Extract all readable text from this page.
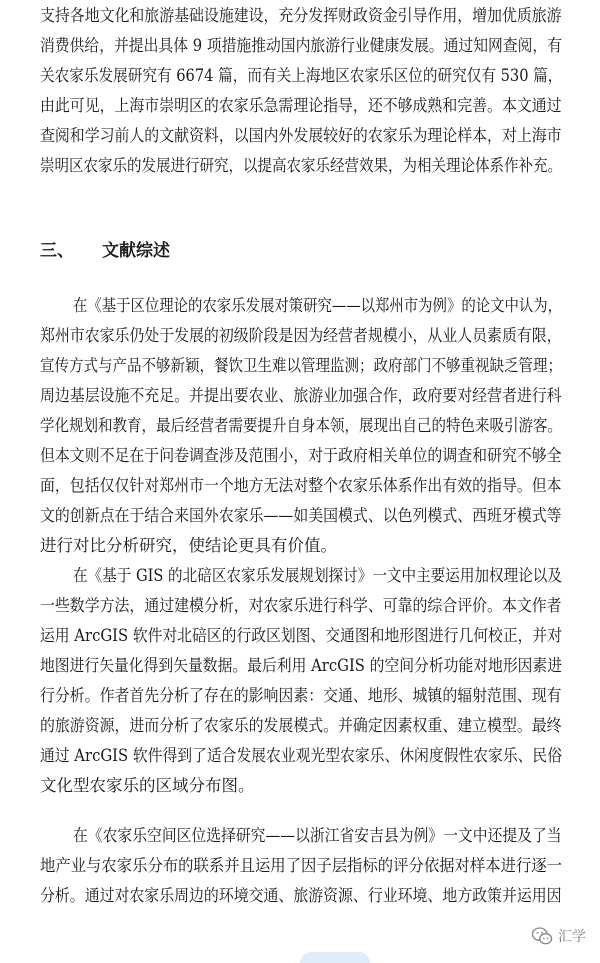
支持各地文化和旅游基础设施建设，充分发挥财政资金引导作用，增加优质旅游
消费供给，并提出具体 9 项措施推动国内旅游行业健康发展。通过知网查阅，有
关农家乐发展研究有 6674 篇，而有关上海地区农家乐区位的研究仅有 530 篇，
由此可见，上海市崇明区的农家乐急需理论指导，还不够成熟和完善。本文通过
查阅和学习前人的文献资料，以国内外发展较好的农家乐为理论样本，对上海市
崇明区农家乐的发展进行研究，以提高农家乐经营效果，为相关理论体系作补充。
三、 文献综述
在《基于区位理论的农家乐发展对策研究——以郑州市为例》的论文中认为，
郑州市农家乐仍处于发展的初级阶段是因为经营者规模小，从业人员素质有限，
宣传方式与产品不够新颖，餐饮卫生难以管理监测；政府部门不够重视缺乏管理；
周边基层设施不充足。并提出要农业、旅游业加强合作，政府要对经营者进行科
学化规划和教育，最后经营者需要提升自身本领，展现出自己的特色来吸引游客。
但本文则不足在于问卷调查涉及范围小，对于政府相关单位的调查和研究不够全
面，包括仅仅针对郑州市一个地方无法对整个农家乐体系作出有效的指导。但本
文的创新点在于结合来国外农家乐——如美国模式、以色列模式、西班牙模式等
进行对比分析研究，使结论更具有价值。
在《基于 GIS 的北碚区农家乐发展规划探讨》一文中主要运用加权理论以及
一些数学方法，通过建模分析，对农家乐进行科学、可靠的综合评价。本文作者
运用 ArcGIS 软件对北碚区的行政区划图、交通图和地形图进行几何校正，并对
地图进行矢量化得到矢量数据。最后利用 ArcGIS 的空间分析功能对地形因素进
行分析。作者首先分析了存在的影响因素：交通、地形、城镇的辐射范围、现有
的旅游资源，进而分析了农家乐的发展模式。并确定因素权重、建立模型。最终
通过 ArcGIS 软件得到了适合发展农业观光型农家乐、休闲度假性农家乐、民俗
文化型农家乐的区域分布图。
在《农家乐空间区位选择研究——以浙江省安吉县为例》一文中还提及了当
地产业与农家乐分布的联系并且运用了因子层指标的评分依据对样本进行逐一
分析。通过对农家乐周边的环境交通、旅游资源、行业环境、地方政策并运用因
汇学
